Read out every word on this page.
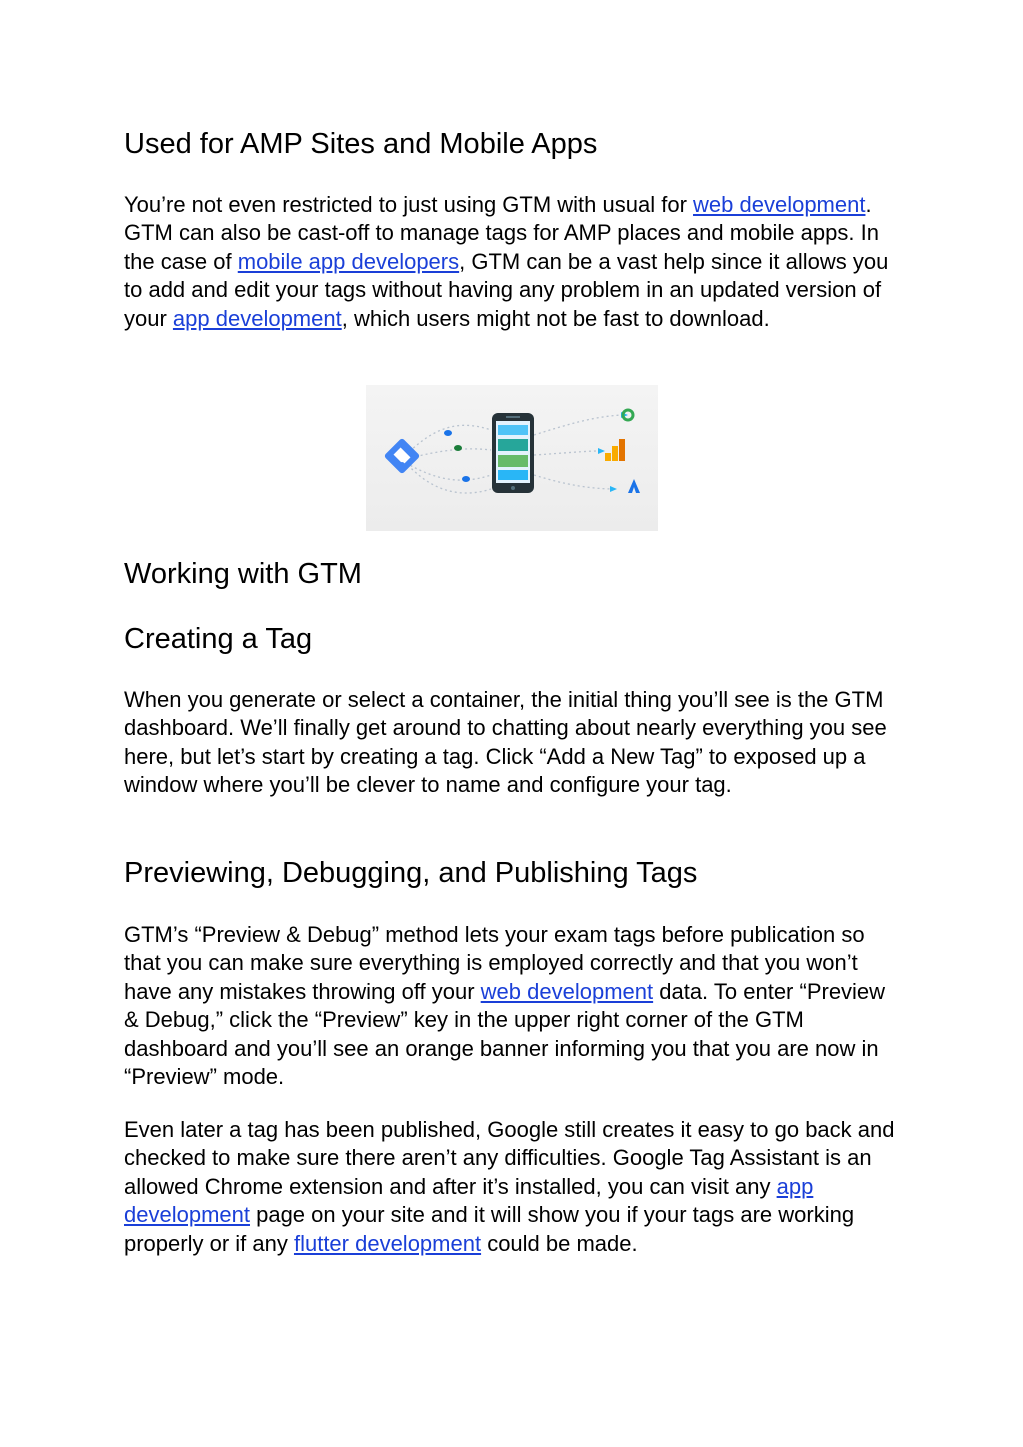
Used for AMP Sites and Mobile Apps

You’re not even restricted to just using GTM with usual for web development. GTM can also be cast-off to manage tags for AMP places and mobile apps. In the case of mobile app developers, GTM can be a vast help since it allows you to add and edit your tags without having any problem in an updated version of your app development, which users might not be fast to download.

Working with GTM
Creating a Tag

When you generate or select a container, the initial thing you’ll see is the GTM dashboard. We’ll finally get around to chatting about nearly everything you see here, but let’s start by creating a tag. Click “Add a New Tag” to exposed up a window where you’ll be clever to name and configure your tag.

Previewing, Debugging, and Publishing Tags

GTM’s “Preview & Debug” method lets your exam tags before publication so that you can make sure everything is employed correctly and that you won’t have any mistakes throwing off your web development data. To enter “Preview & Debug,” click the “Preview” key in the upper right corner of the GTM dashboard and you’ll see an orange banner informing you that you are now in “Preview” mode.

Even later a tag has been published, Google still creates it easy to go back and checked to make sure there aren’t any difficulties. Google Tag Assistant is an allowed Chrome extension and after it’s installed, you can visit any app development page on your site and it will show you if your tags are working properly or if any flutter development could be made.
